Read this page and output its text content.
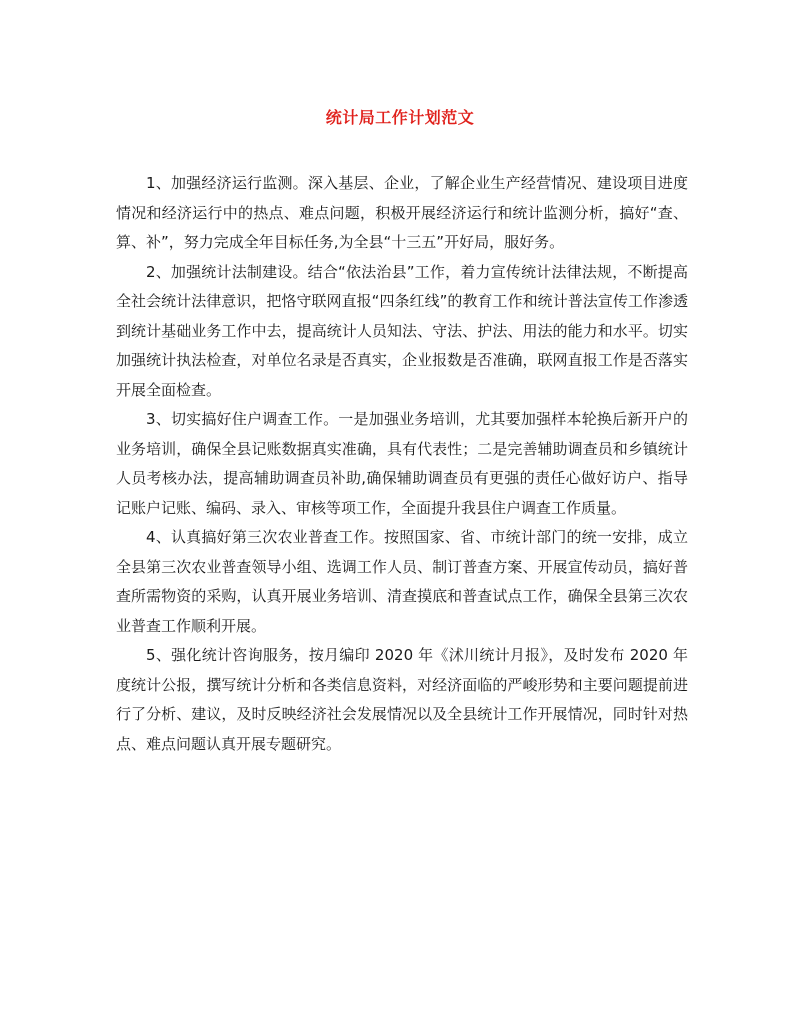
统计局工作计划范文

1、加强经济运行监测。深入基层、企业，了解企业生产经营情况、建设项目进度情况和经济运行中的热点、难点问题，积极开展经济运行和统计监测分析，搞好“查、算、补”，努力完成全年目标任务,为全县“十三五”开好局，服好务。

2、加强统计法制建设。结合“依法治县”工作，着力宣传统计法律法规，不断提高全社会统计法律意识，把恪守联网直报“四条红线”的教育工作和统计普法宣传工作渗透到统计基础业务工作中去，提高统计人员知法、守法、护法、用法的能力和水平。切实加强统计执法检查，对单位名录是否真实，企业报数是否准确，联网直报工作是否落实开展全面检查。

3、切实搞好住户调查工作。一是加强业务培训，尤其要加强样本轮换后新开户的业务培训，确保全县记账数据真实准确，具有代表性；二是完善辅助调查员和乡镇统计人员考核办法，提高辅助调查员补助,确保辅助调查员有更强的责任心做好访户、指导记账户记账、编码、录入、审核等项工作，全面提升我县住户调查工作质量。

4、认真搞好第三次农业普查工作。按照国家、省、市统计部门的统一安排，成立全县第三次农业普查领导小组、选调工作人员、制订普查方案、开展宣传动员，搞好普查所需物资的采购，认真开展业务培训、清查摸底和普查试点工作，确保全县第三次农业普查工作顺利开展。

5、强化统计咨询服务，按月编印 2020 年《沭川统计月报》，及时发布 2020 年度统计公报，撰写统计分析和各类信息资料，对经济面临的严峻形势和主要问题提前进行了分析、建议，及时反映经济社会发展情况以及全县统计工作开展情况，同时针对热点、难点问题认真开展专题研究。
